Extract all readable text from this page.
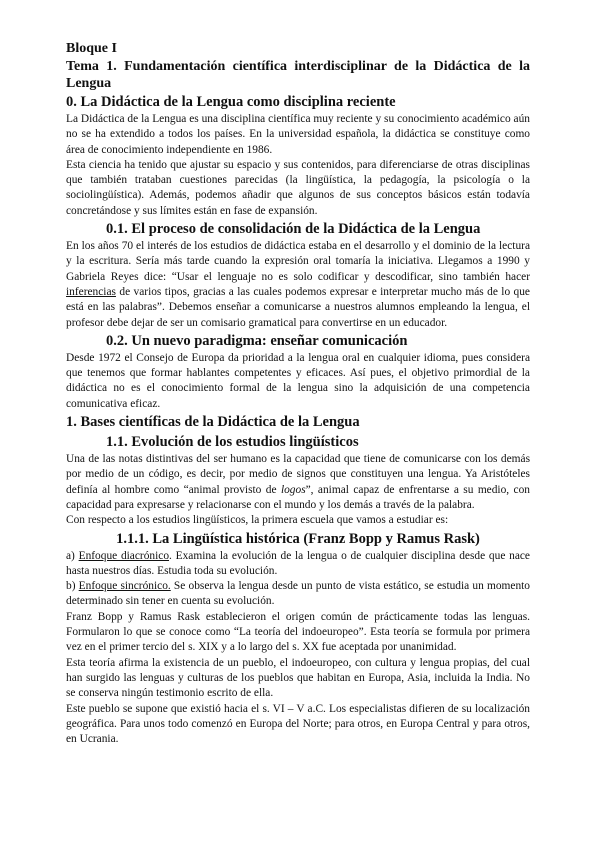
Bloque I
Tema 1. Fundamentación científica interdisciplinar de la Didáctica de la Lengua
0. La Didáctica de la Lengua como disciplina reciente

La Didáctica de la Lengua es una disciplina científica muy reciente y su conocimiento académico aún no se ha extendido a todos los países. En la universidad española, la didáctica se constituye como área de conocimiento independiente en 1986.

Esta ciencia ha tenido que ajustar su espacio y sus contenidos, para diferenciarse de otras disciplinas que también trataban cuestiones parecidas (la lingüística, la pedagogía, la psicología o la sociolingüística). Además, podemos añadir que algunos de sus conceptos básicos están todavía concretándose y sus límites están en fase de expansión.

0.1. El proceso de consolidación de la Didáctica de la Lengua

En los años 70 el interés de los estudios de didáctica estaba en el desarrollo y el dominio de la lectura y la escritura. Sería más tarde cuando la expresión oral tomaría la iniciativa. Llegamos a 1990 y Gabriela Reyes dice: “Usar el lenguaje no es solo codificar y descodificar, sino también hacer inferencias de varios tipos, gracias a las cuales podemos expresar e interpretar mucho más de lo que está en las palabras”. Debemos enseñar a comunicarse a nuestros alumnos empleando la lengua, el profesor debe dejar de ser un comisario gramatical para convertirse en un educador.

0.2. Un nuevo paradigma: enseñar comunicación

Desde 1972 el Consejo de Europa da prioridad a la lengua oral en cualquier idioma, pues considera que tenemos que formar hablantes competentes y eficaces. Así pues, el objetivo primordial de la didáctica no es el conocimiento formal de la lengua sino la adquisición de una competencia comunicativa eficaz.

1. Bases científicas de la Didáctica de la Lengua
1.1. Evolución de los estudios lingüísticos

Una de las notas distintivas del ser humano es la capacidad que tiene de comunicarse con los demás por medio de un código, es decir, por medio de signos que constituyen una lengua. Ya Aristóteles definía al hombre como “animal provisto de logos”, animal capaz de enfrentarse a su medio, con capacidad para expresarse y relacionarse con el mundo y los demás a través de la palabra.

Con respecto a los estudios lingüísticos, la primera escuela que vamos a estudiar es:

1.1.1. La Lingüística histórica (Franz Bopp y Ramus Rask)

a) Enfoque diacrónico. Examina la evolución de la lengua o de cualquier disciplina desde que nace hasta nuestros días. Estudia toda su evolución.

b) Enfoque sincrónico. Se observa la lengua desde un punto de vista estático, se estudia un momento determinado sin tener en cuenta su evolución.

Franz Bopp y Ramus Rask establecieron el origen común de prácticamente todas las lenguas. Formularon lo que se conoce como “La teoría del indoeuropeo”. Esta teoría se formula por primera vez en el primer tercio del s. XIX y a lo largo del s. XX fue aceptada por unanimidad.

Esta teoría afirma la existencia de un pueblo, el indoeuropeo, con cultura y lengua propias, del cual han surgido las lenguas y culturas de los pueblos que habitan en Europa, Asia, incluida la India. No se conserva ningún testimonio escrito de ella.

Este pueblo se supone que existió hacia el s. VI – V a.C. Los especialistas difieren de su localización geográfica. Para unos todo comenzó en Europa del Norte; para otros, en Europa Central y para otros, en Ucrania.
